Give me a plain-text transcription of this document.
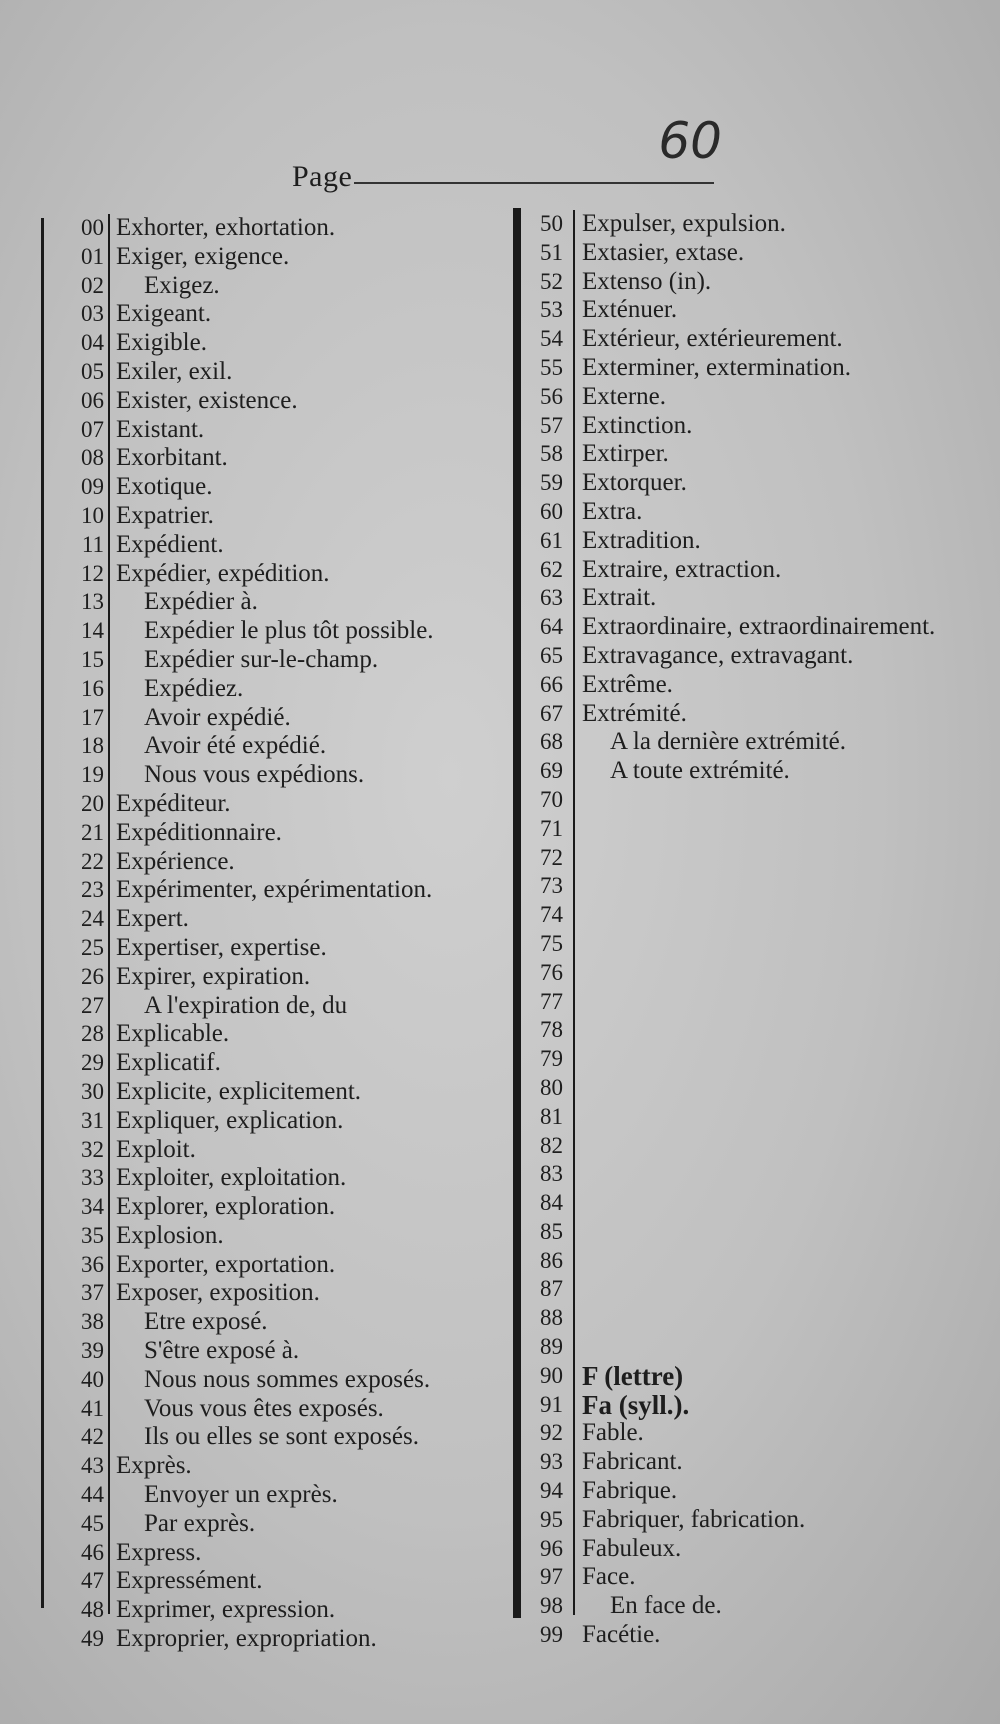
Page
60
00 Exhorter, exhortation.
01 Exiger, exigence.
02	Exigez.
03 Exigeant.
04 Exigible.
05 Exiler, exil.
06 Exister, existence.
07 Existant.
08 Exorbitant.
09 Exotique.
10 Expatrier.
11 Expédient.
12 Expédier, expédition.
13	Expédier à.
14	Expédier le plus tôt possible.
15	Expédier sur-le-champ.
16	Expédiez.
17	Avoir expédié.
18	Avoir été expédié.
19	Nous vous expédions.
20 Expéditeur.
21 Expéditionnaire.
22 Expérience.
23 Expérimenter, expérimentation.
24 Expert.
25 Expertiser, expertise.
26 Expirer, expiration.
27	A l'expiration de, du
28 Explicable.
29 Explicatif.
30 Explicite, explicitement.
31 Expliquer, explication.
32 Exploit.
33 Exploiter, exploitation.
34 Explorer, exploration.
35 Explosion.
36 Exporter, exportation.
37 Exposer, exposition.
38	Etre exposé.
39	S'être exposé à.
40	Nous nous sommes exposés.
41	Vous vous êtes exposés.
42	Ils ou elles se sont exposés.
43 Exprès.
44	Envoyer un exprès.
45	Par exprès.
46 Express.
47 Expressément.
48 Exprimer, expression.
49 Exproprier, expropriation.
50 Expulser, expulsion.
51 Extasier, extase.
52 Extenso (in).
53 Exténuer.
54 Extérieur, extérieurement.
55 Exterminer, extermination.
56 Externe.
57 Extinction.
58 Extirper.
59 Extorquer.
60 Extra.
61 Extradition.
62 Extraire, extraction.
63 Extrait.
64 Extraordinaire, extraordinairement.
65 Extravagance, extravagant.
66 Extrême.
67 Extrémité.
68	A la dernière extrémité.
69	A toute extrémité.
70
71
72
73
74
75
76
77
78
79
80
81
82
83
84
85
86
87
88
89
90 F (lettre)
91 Fa (syll.).
92 Fable.
93 Fabricant.
94 Fabrique.
95 Fabriquer, fabrication.
96 Fabuleux.
97 Face.
98	En face de.
99 Facétie.
